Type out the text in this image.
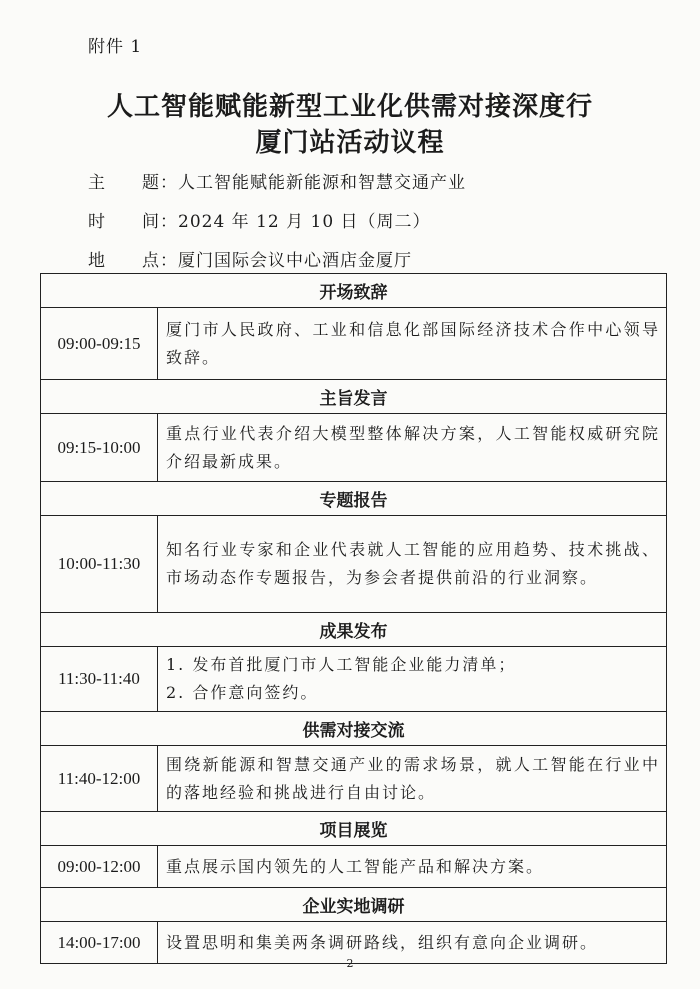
附件 1
人工智能赋能新型工业化供需对接深度行
厦门站活动议程
主　　题：人工智能赋能新能源和智慧交通产业
时　　间：2024 年 12 月 10 日（周二）
地　　点：厦门国际会议中心酒店金厦厅
开场致辞	
09:00-09:15	厦门市人民政府、工业和信息化部国际经济技术合作中心领导致辞。
主旨发言	
09:15-10:00	重点行业代表介绍大模型整体解决方案，人工智能权威研究院介绍最新成果。
专题报告	
10:00-11:30	知名行业专家和企业代表就人工智能的应用趋势、技术挑战、市场动态作专题报告，为参会者提供前沿的行业洞察。
成果发布	
11:30-11:40	1. 发布首批厦门市人工智能企业能力清单；
2. 合作意向签约。

供需对接交流	
11:40-12:00	围绕新能源和智慧交通产业的需求场景，就人工智能在行业中的落地经验和挑战进行自由讨论。
项目展览	
09:00-12:00	重点展示国内领先的人工智能产品和解决方案。
企业实地调研	
14:00-17:00	设置思明和集美两条调研路线，组织有意向企业调研。
2
